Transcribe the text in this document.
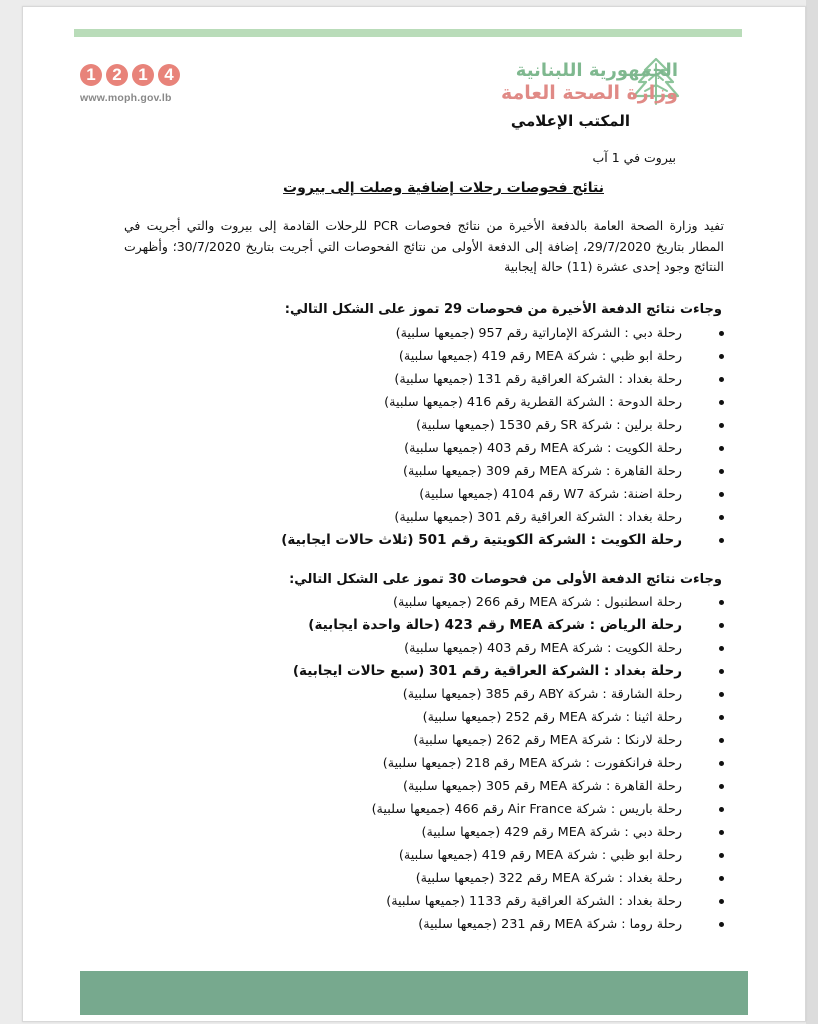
1 2 1 4
www.moph.gov.lb
الجمهورية اللبنانية
وزارة الصحة العامة
المكتب الإعلامي
بيروت في 1 آب
نتائج فحوصات رحلات إضافية وصلت إلى بيروت
تفيد وزارة الصحة العامة بالدفعة الأخيرة من نتائج فحوصات PCR للرحلات القادمة إلى بيروت والتي أجريت في المطار بتاريخ 29/7/2020، إضافة إلى الدفعة الأولى من نتائج الفحوصات التي أجريت بتاريخ 30/7/2020؛ وأظهرت النتائج وجود إحدى عشرة (11) حالة إيجابية
وجاءت نتائج الدفعة الأخيرة من فحوصات 29 تموز على الشكل التالي:
رحلة دبي : الشركة الإماراتية رقم 957 (جميعها سلبية)
رحلة ابو ظبي : شركة MEA رقم 419 (جميعها سلبية)
رحلة بغداد : الشركة العراقية رقم 131 (جميعها سلبية)
رحلة الدوحة : الشركة القطرية رقم 416 (جميعها سلبية)
رحلة برلين : شركة SR رقم 1530 (جميعها سلبية)
رحلة الكويت : شركة MEA رقم 403 (جميعها سلبية)
رحلة القاهرة : شركة MEA رقم 309 (جميعها سلبية)
رحلة اضنة: شركة W7 رقم 4104 (جميعها سلبية)
رحلة بغداد : الشركة العراقية رقم 301 (جميعها سلبية)
رحلة الكويت : الشركة الكويتية رقم 501 (ثلاث حالات ايجابية)
وجاءت نتائج الدفعة الأولى من فحوصات 30 تموز على الشكل التالي:
رحلة اسطنبول : شركة MEA رقم 266 (جميعها سلبية)
رحلة الرياض : شركة MEA رقم 423 (حالة واحدة ايجابية)
رحلة الكويت : شركة MEA رقم 403 (جميعها سلبية)
رحلة بغداد : الشركة العراقية رقم 301 (سبع حالات ايجابية)
رحلة الشارقة : شركة ABY رقم 385 (جميعها سلبية)
رحلة اثينا : شركة MEA رقم 252 (جميعها سلبية)
رحلة لارنكا : شركة MEA رقم 262 (جميعها سلبية)
رحلة فرانكفورت : شركة MEA رقم 218 (جميعها سلبية)
رحلة القاهرة : شركة MEA رقم 305 (جميعها سلبية)
رحلة باريس : شركة Air France رقم 466 (جميعها سلبية)
رحلة دبي : شركة MEA رقم 429 (جميعها سلبية)
رحلة ابو ظبي : شركة MEA رقم 419 (جميعها سلبية)
رحلة بغداد : شركة MEA رقم 322 (جميعها سلبية)
رحلة بغداد : الشركة العراقية رقم 1133 (جميعها سلبية)
رحلة روما : شركة MEA رقم 231 (جميعها سلبية)
